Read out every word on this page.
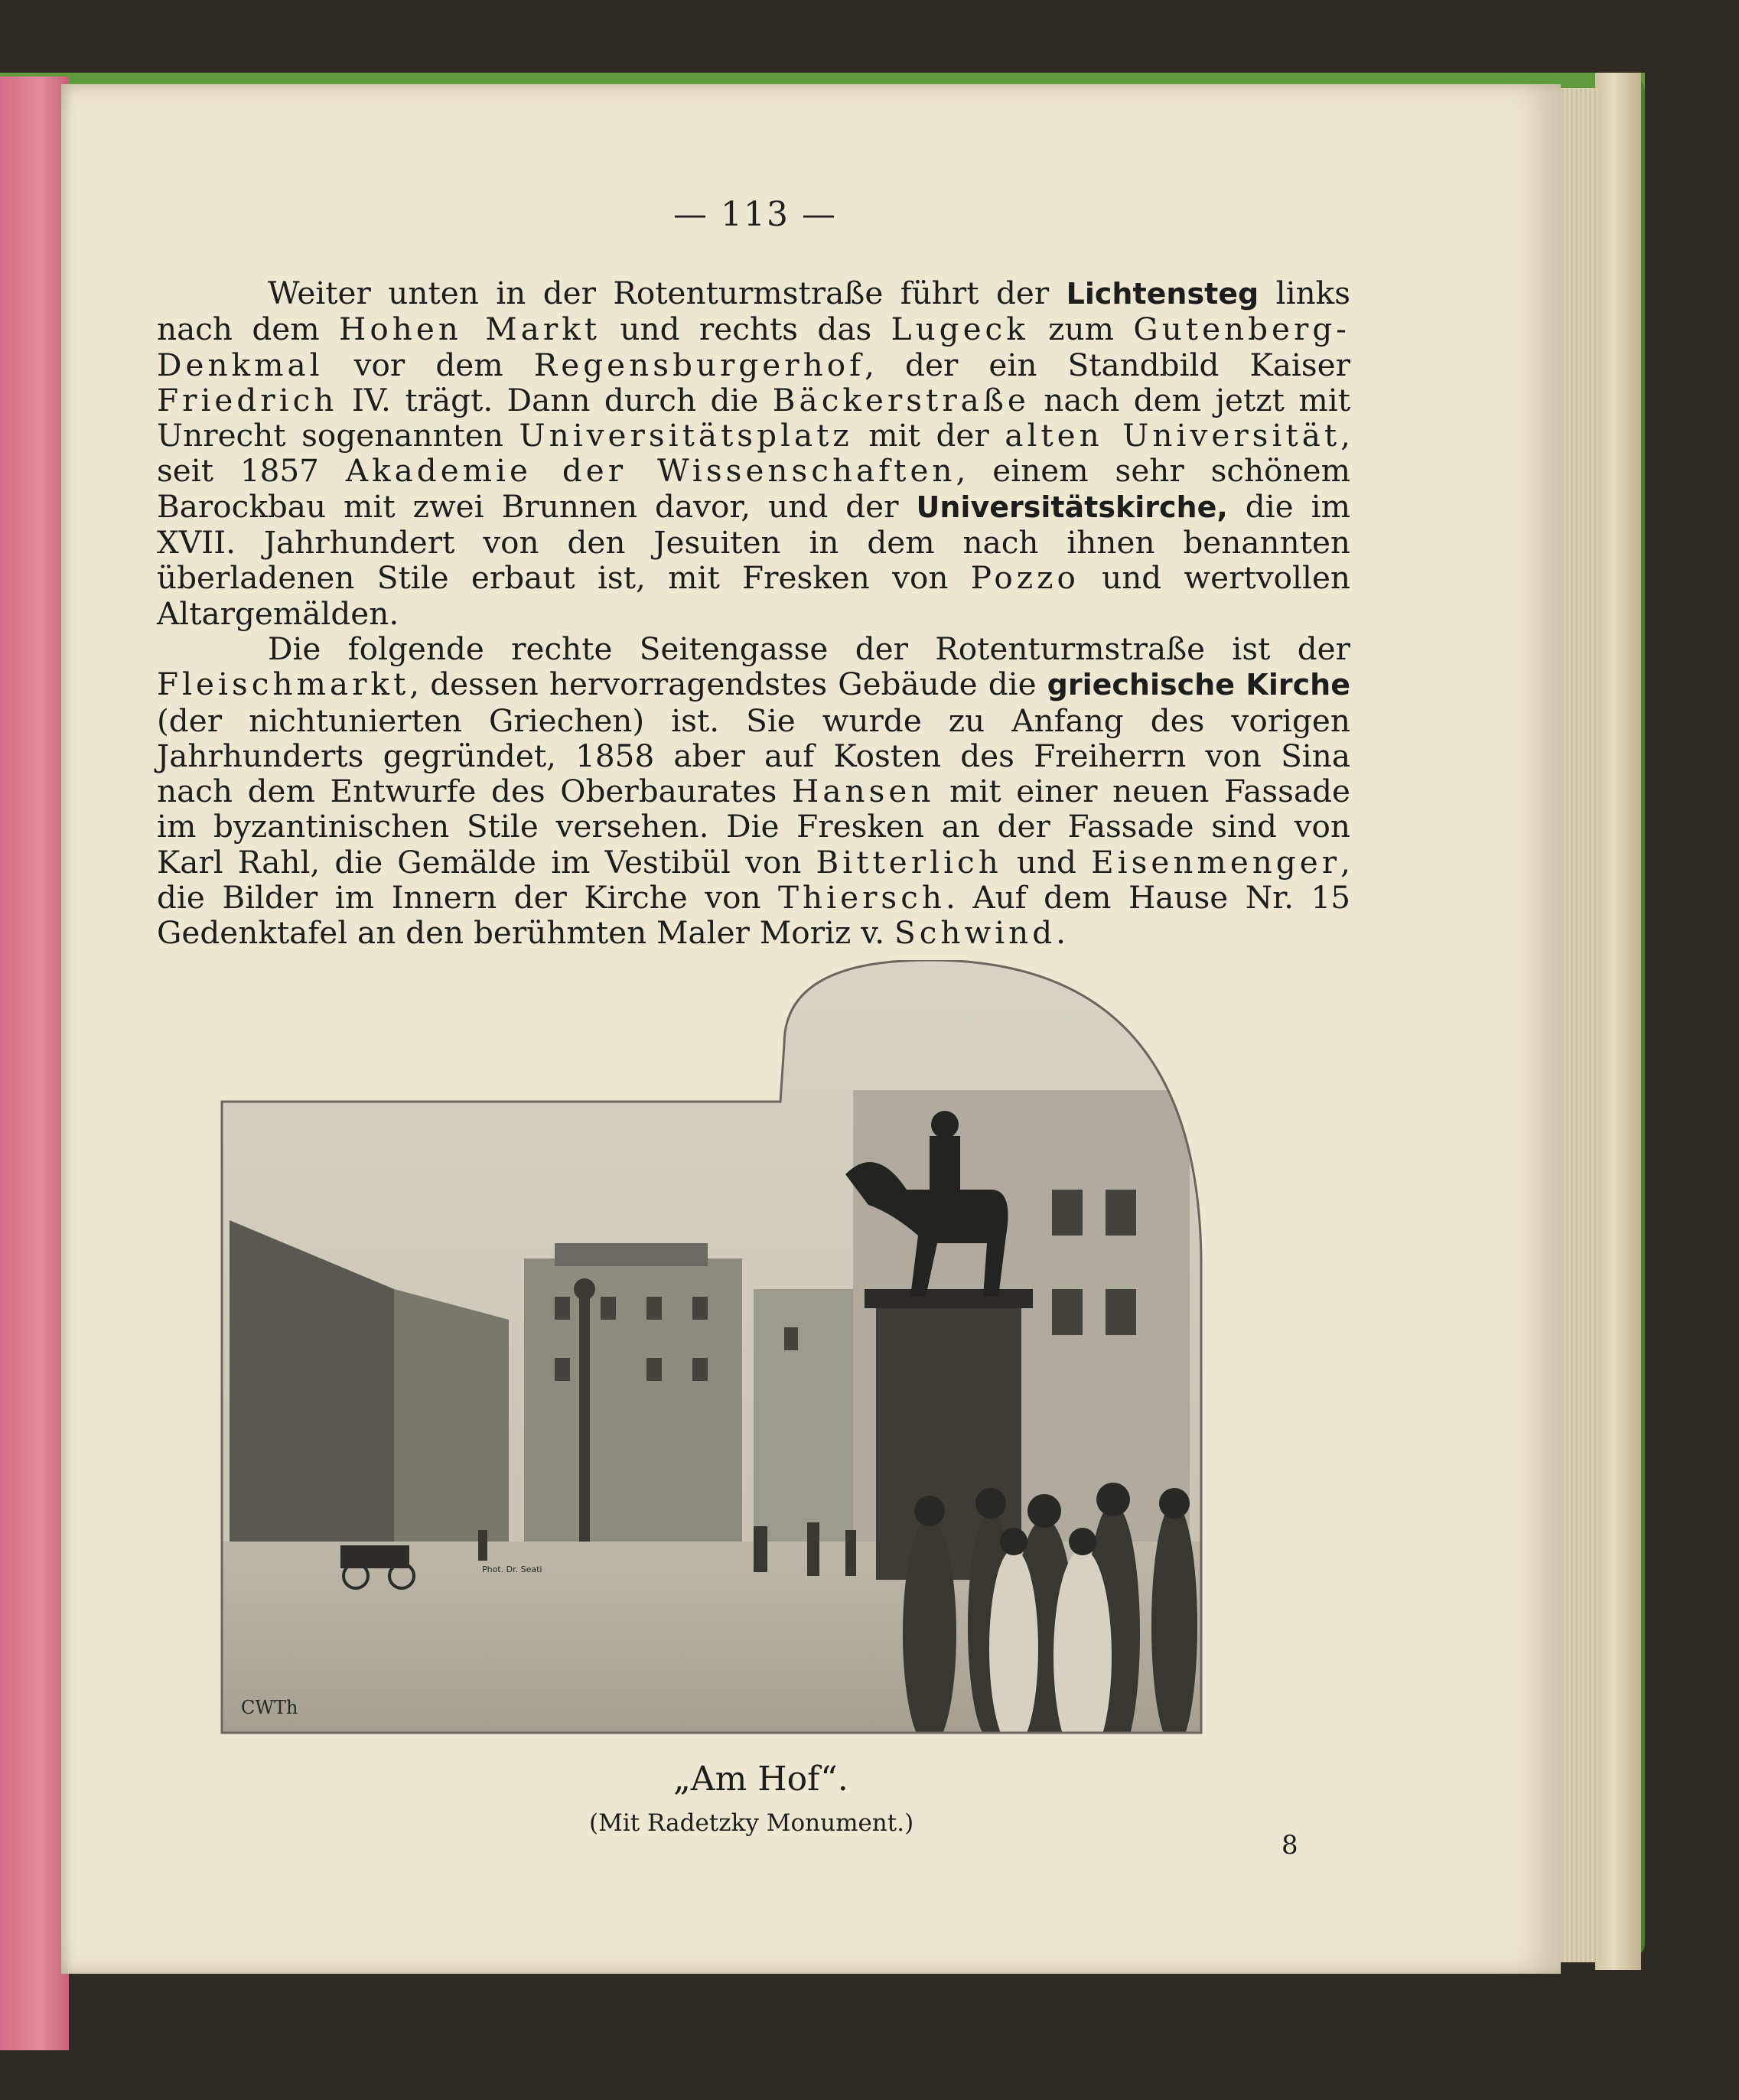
— 113 —

Weiter unten in der Rotenturmstraße führt der Lichtensteg links nach dem Hohen Markt und rechts das Lugeck zum Gutenberg-Denkmal vor dem Regensburgerhof, der ein Standbild Kaiser Friedrich IV. trägt. Dann durch die Bäckerstraße nach dem jetzt mit Unrecht sogenannten Universitätsplatz mit der alten Universität, seit 1857 Akademie der Wissenschaften, einem sehr schönem Barockbau mit zwei Brunnen davor, und der Universitätskirche, die im XVII. Jahrhundert von den Jesuiten in dem nach ihnen benannten überladenen Stile erbaut ist, mit Fresken von Pozzo und wertvollen Altargemälden.

Die folgende rechte Seitengasse der Rotenturmstraße ist der Fleischmarkt, dessen hervorragendstes Gebäude die griechische Kirche (der nichtunierten Griechen) ist. Sie wurde zu Anfang des vorigen Jahrhunderts gegründet, 1858 aber auf Kosten des Freiherrn von Sina nach dem Entwurfe des Oberbaurates Hansen mit einer neuen Fassade im byzantinischen Stile versehen. Die Fresken an der Fassade sind von Karl Rahl, die Gemälde im Vestibül von Bitterlich und Eisenmenger, die Bilder im Innern der Kirche von Thiersch. Auf dem Hause Nr. 15 Gedenktafel an den berühmten Maler Moriz v. Schwind.

CWTh
Phot. Dr. Seati
„Am Hof“.
(Mit Radetzky Monument.)
8
